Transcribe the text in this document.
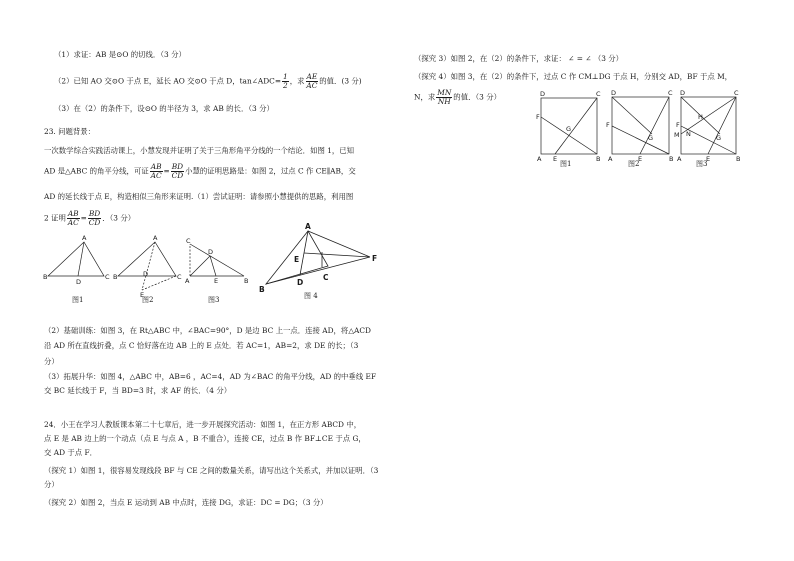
（1）求证：AB 是⊙O 的切线．（3 分）
（2）已知 AO 交⊙O 于点 E，延长 AO 交⊙O 于点 D，tan∠ADC= $\frac{1}{2}$ ，求 $\frac{AE}{AC}$ 的值．(3 分)
（3）在（2）的条件下，设⊙O 的半径为 3，求 AB 的长．（3 分）
23. 问题背景：
一次数学综合实践活动课上，小慧发现并证明了关于三角形角平分线的一个结论．如图 1，已知
AD 是△ABC 的角平分线，可证 $\frac{AB}{AC} = \frac{BD}{CD}$ 小慧的证明思路是：如图 2，过点 C 作 CE∥AB，交
AD 的延长线于点 E，构造相似三角形来证明.（1）尝试证明：请参照小慧提供的思路，利用图
2 证明 $\frac{AB}{AC} = \frac{BD}{CD}$ ．（3 分）
A
B
D
C
A
B	D	C
E
C
D
A	E	B
A
E	F
B
D
C
图1	图2	图3	图 4
（2）基础训练：如图 3，在 Rt△ABC 中，∠BAC=90°，D 是边 BC 上一点．连接 AD，将△ACD
沿 AD 所在直线折叠，点 C 恰好落在边 AB 上的 E 点处．若 AC=1，AB=2，求 DE 的长；（3
分）
（3）拓展升华：如图 4，△ABC 中，AB=6 ，AC=4，AD 为∠BAC 的角平分线，AD 的中垂线 EF
交 BC 延长线于 F，当 BD=3 时，求 AF 的长．（4 分）
24．小王在学习人教版课本第二十七章后，进一步开展探究活动：如图 1，在正方形 ABCD 中，
点 E 是 AB 边上的一个动点（点 E 与点 A ，B 不重合），连接 CE，过点 B 作 BF⊥CE 于点 G，
交 AD 于点 F．
（探究 1）如图 1，很容易发现线段 BF 与 CE 之间的数量关系，请写出这个关系式，并加以证明．（3
分）
（探究 2）如图 2，当点 E 运动到 AB 中点时，连接 DG，求证：DC = DG；（3 分）
（探究 3）如图 2，在（2）的条件下，求证： ∠ = ∠ （3 分）
（探究 4）如图 3，在（2）的条件下，过点 C 作 CM⊥DG 于点 H，分别交 AD，BF 于点 M，
N，求 $\frac{MN}{NH}$ 的值．（3 分）	D	C
F
G
A E	B
D	C
F
G
A	E	B
D	C
F
H
M N	G
A	E	B
图1	图2	图3
